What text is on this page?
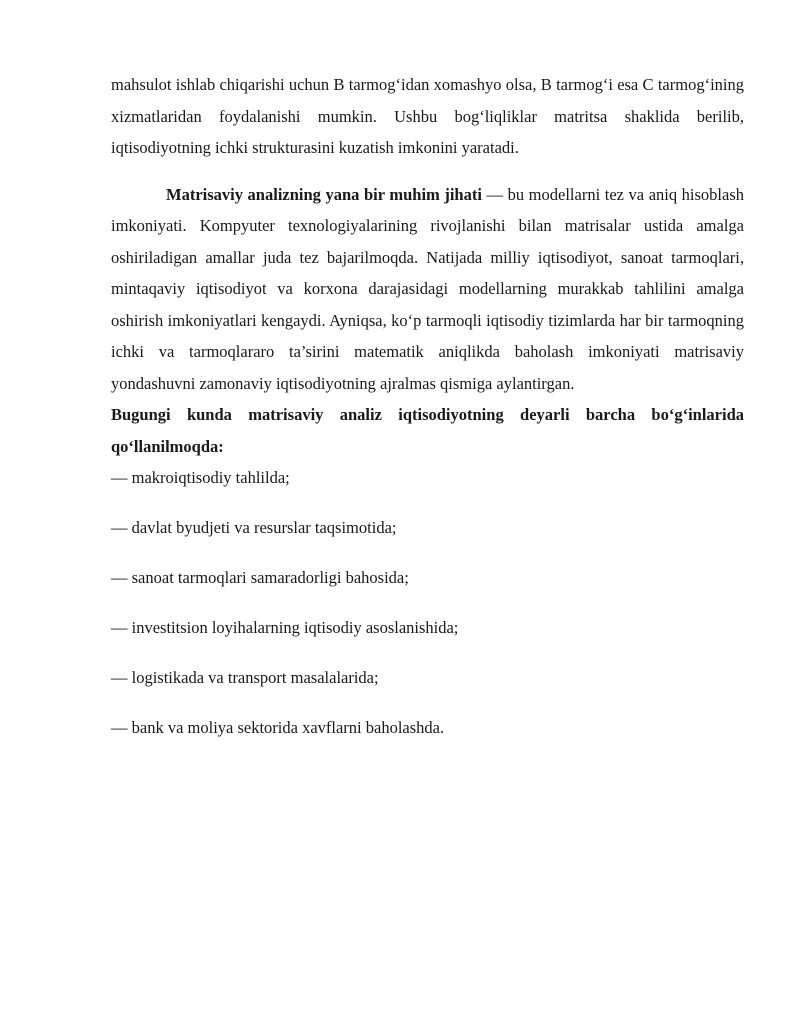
mahsulot ishlab chiqarishi uchun B tarmog‘idan xomashyo olsa, B tarmog‘i esa C tarmog‘ining xizmatlaridan foydalanishi mumkin. Ushbu bog‘liqliklar matritsa shaklida berilib, iqtisodiyotning ichki strukturasini kuzatish imkonini yaratadi.

Matrisaviy analizning yana bir muhim jihati — bu modellarni tez va aniq hisoblash imkoniyati. Kompyuter texnologiyalarining rivojlanishi bilan matrisalar ustida amalga oshiriladigan amallar juda tez bajarilmoqda. Natijada milliy iqtisodiyot, sanoat tarmoqlari, mintaqaviy iqtisodiyot va korxona darajasidagi modellarning murakkab tahlilini amalga oshirish imkoniyatlari kengaydi. Ayniqsa, ko‘p tarmoqli iqtisodiy tizimlarda har bir tarmoqning ichki va tarmoqlararo ta’sirini matematik aniqlikda baholash imkoniyati matrisaviy yondashuvni zamonaviy iqtisodiyotning ajralmas qismiga aylantirgan.

Bugungi kunda matrisaviy analiz iqtisodiyotning deyarli barcha bo‘g‘inlarida qo‘llanilmoqda:

— makroiqtisodiy tahlilda;
— davlat byudjeti va resurslar taqsimotida;
— sanoat tarmoqlari samaradorligi bahosida;
— investitsion loyihalarning iqtisodiy asoslanishida;
— logistikada va transport masalalarida;
— bank va moliya sektorida xavflarni baholashda.
